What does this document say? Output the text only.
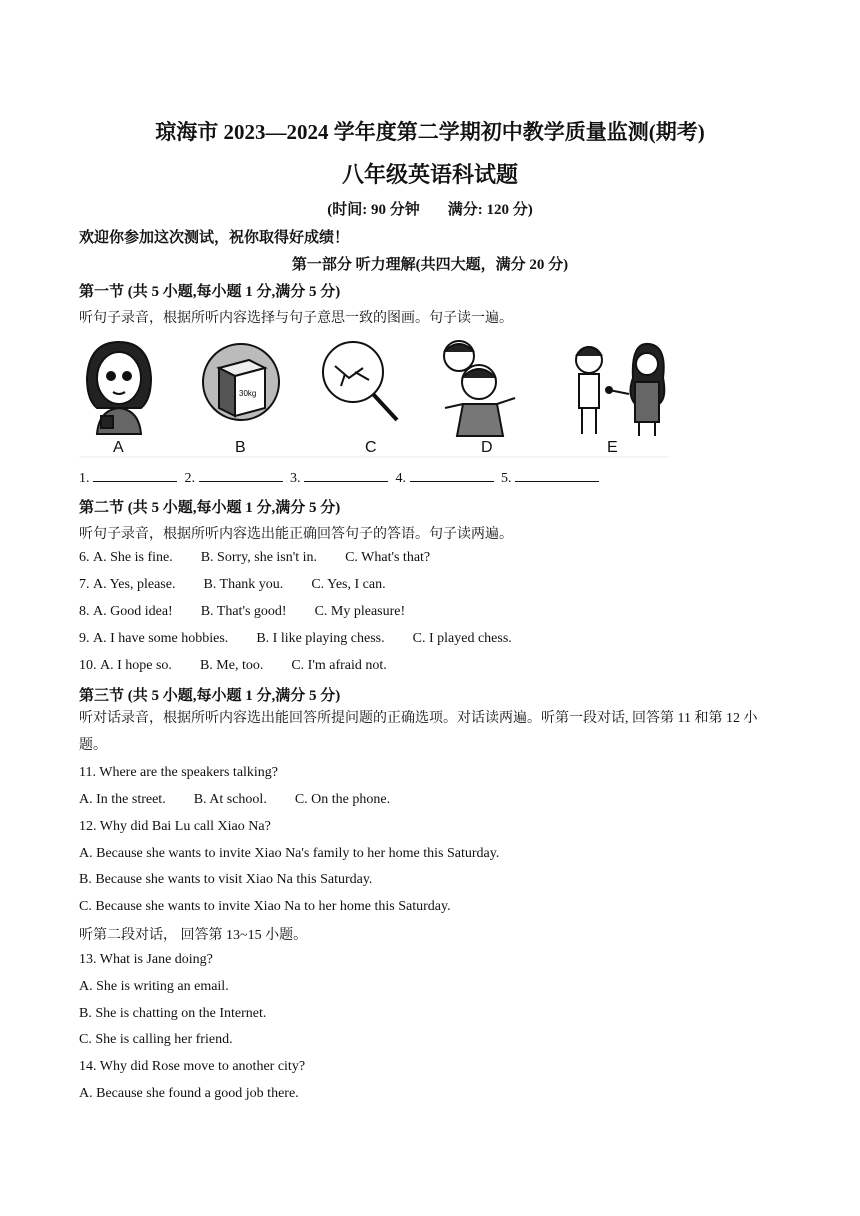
琼海市 2023—2024 学年度第二学期初中教学质量监测(期考)
八年级英语科试题
(时间: 90 分钟 满分: 120 分)
欢迎你参加这次测试，祝你取得好成绩！
第一部分 听力理解(共四大题，满分 20 分)
第一节 (共 5 小题,每小题 1 分,满分 5 分)
听句子录音，根据所听内容选择与句子意思一致的图画。句子读一遍。
A
30kg
B	C	D	E
1.	2.	3.	4.	5.
第二节 (共 5 小题,每小题 1 分,满分 5 分)
听句子录音，根据所听内容选出能正确回答句子的答语。句子读两遍。
6. A. She is fine. B. Sorry, she isn't in. C. What's that?
7. A. Yes, please. B. Thank you. C. Yes, I can.
8. A. Good idea! B. That's good! C. My pleasure!
9. A. I have some hobbies. B. I like playing chess. C. I played chess.
10. A. I hope so. B. Me, too. C. I'm afraid not.
第三节 (共 5 小题,每小题 1 分,满分 5 分)
听对话录音，根据所听内容选出能回答所提问题的正确选项。对话读两遍。听第一段对话, 回答第 11 和第 12 小题。
11. Where are the speakers talking?
A. In the street. B. At school. C. On the phone.
12. Why did Bai Lu call Xiao Na?
A. Because she wants to invite Xiao Na's family to her home this Saturday.
B. Because she wants to visit Xiao Na this Saturday.
C. Because she wants to invite Xiao Na to her home this Saturday.
听第二段对话， 回答第 13~15 小题。
13. What is Jane doing?
A. She is writing an email.
B. She is chatting on the Internet.
C. She is calling her friend.
14. Why did Rose move to another city?
A. Because she found a good job there.
